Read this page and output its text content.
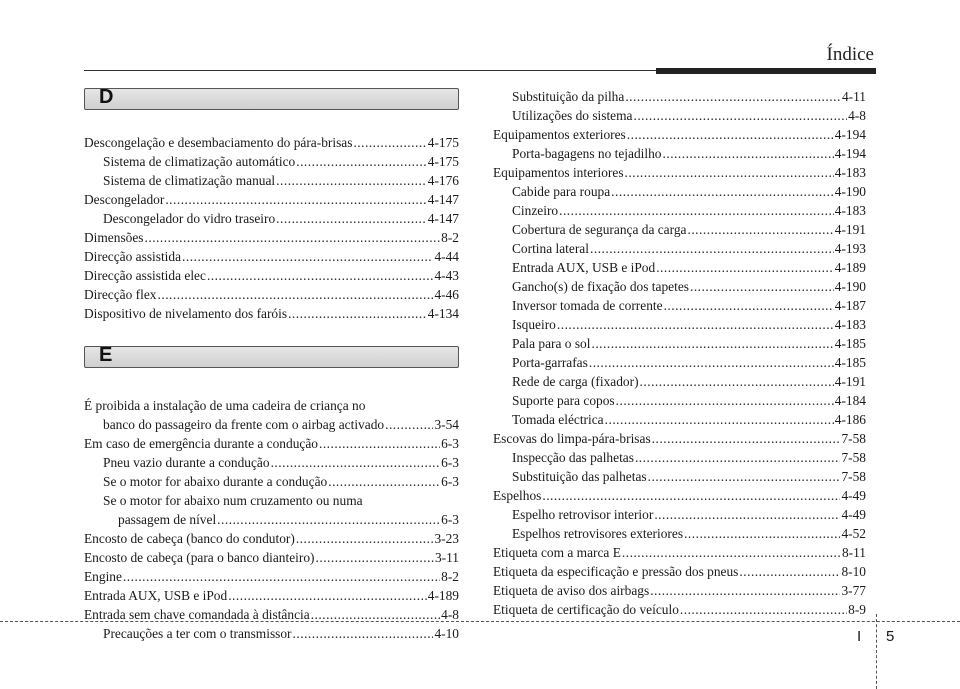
Índice
D
Descongelação e desembaciamento do pára-brisas .....	4-175
Sistema de climatização automático .....	4-175
Sistema de climatização manual .....	4-176
Descongelador .....	4-147
Descongelador do vidro traseiro .....	4-147
Dimensões .....	8-2
Direcção assistida .....	4-44
Direcção assistida elec .....	4-43
Direcção flex .....	4-46
Dispositivo de nivelamento dos faróis .....	4-134
E
É proibida a instalação de uma cadeira de criança no
banco do passageiro da frente com o airbag activado .....	3-54
Em caso de emergência durante a condução .....	6-3
Pneu vazio durante a condução .....	6-3
Se o motor for abaixo durante a condução .....	6-3
Se o motor for abaixo num cruzamento ou numa
passagem de nível .....	6-3
Encosto de cabeça (banco do condutor) .....	3-23
Encosto de cabeça (para o banco dianteiro) .....	3-11
Engine .....	8-2
Entrada AUX, USB e iPod .....	4-189
Entrada sem chave comandada à distância .....	4-8
Precauções a ter com o transmissor .....	4-10
Substituição da pilha .....	4-11
Utilizações do sistema .....	4-8
Equipamentos exteriores .....	4-194
Porta-bagagens no tejadilho .....	4-194
Equipamentos interiores .....	4-183
Cabide para roupa .....	4-190
Cinzeiro .....	4-183
Cobertura de segurança da carga .....	4-191
Cortina lateral .....	4-193
Entrada AUX, USB e iPod .....	4-189
Gancho(s) de fixação dos tapetes .....	4-190
Inversor tomada de corrente .....	4-187
Isqueiro .....	4-183
Pala para o sol .....	4-185
Porta-garrafas .....	4-185
Rede de carga (fixador) .....	4-191
Suporte para copos .....	4-184
Tomada eléctrica .....	4-186
Escovas do limpa-pára-brisas .....	7-58
Inspecção das palhetas .....	7-58
Substituição das palhetas .....	7-58
Espelhos .....	4-49
Espelho retrovisor interior .....	4-49
Espelhos retrovisores exteriores .....	4-52
Etiqueta com a marca E .....	8-11
Etiqueta da especificação e pressão dos pneus .....	8-10
Etiqueta de aviso dos airbags .....	3-77
Etiqueta de certificação do veículo .....	8-9
I 5
